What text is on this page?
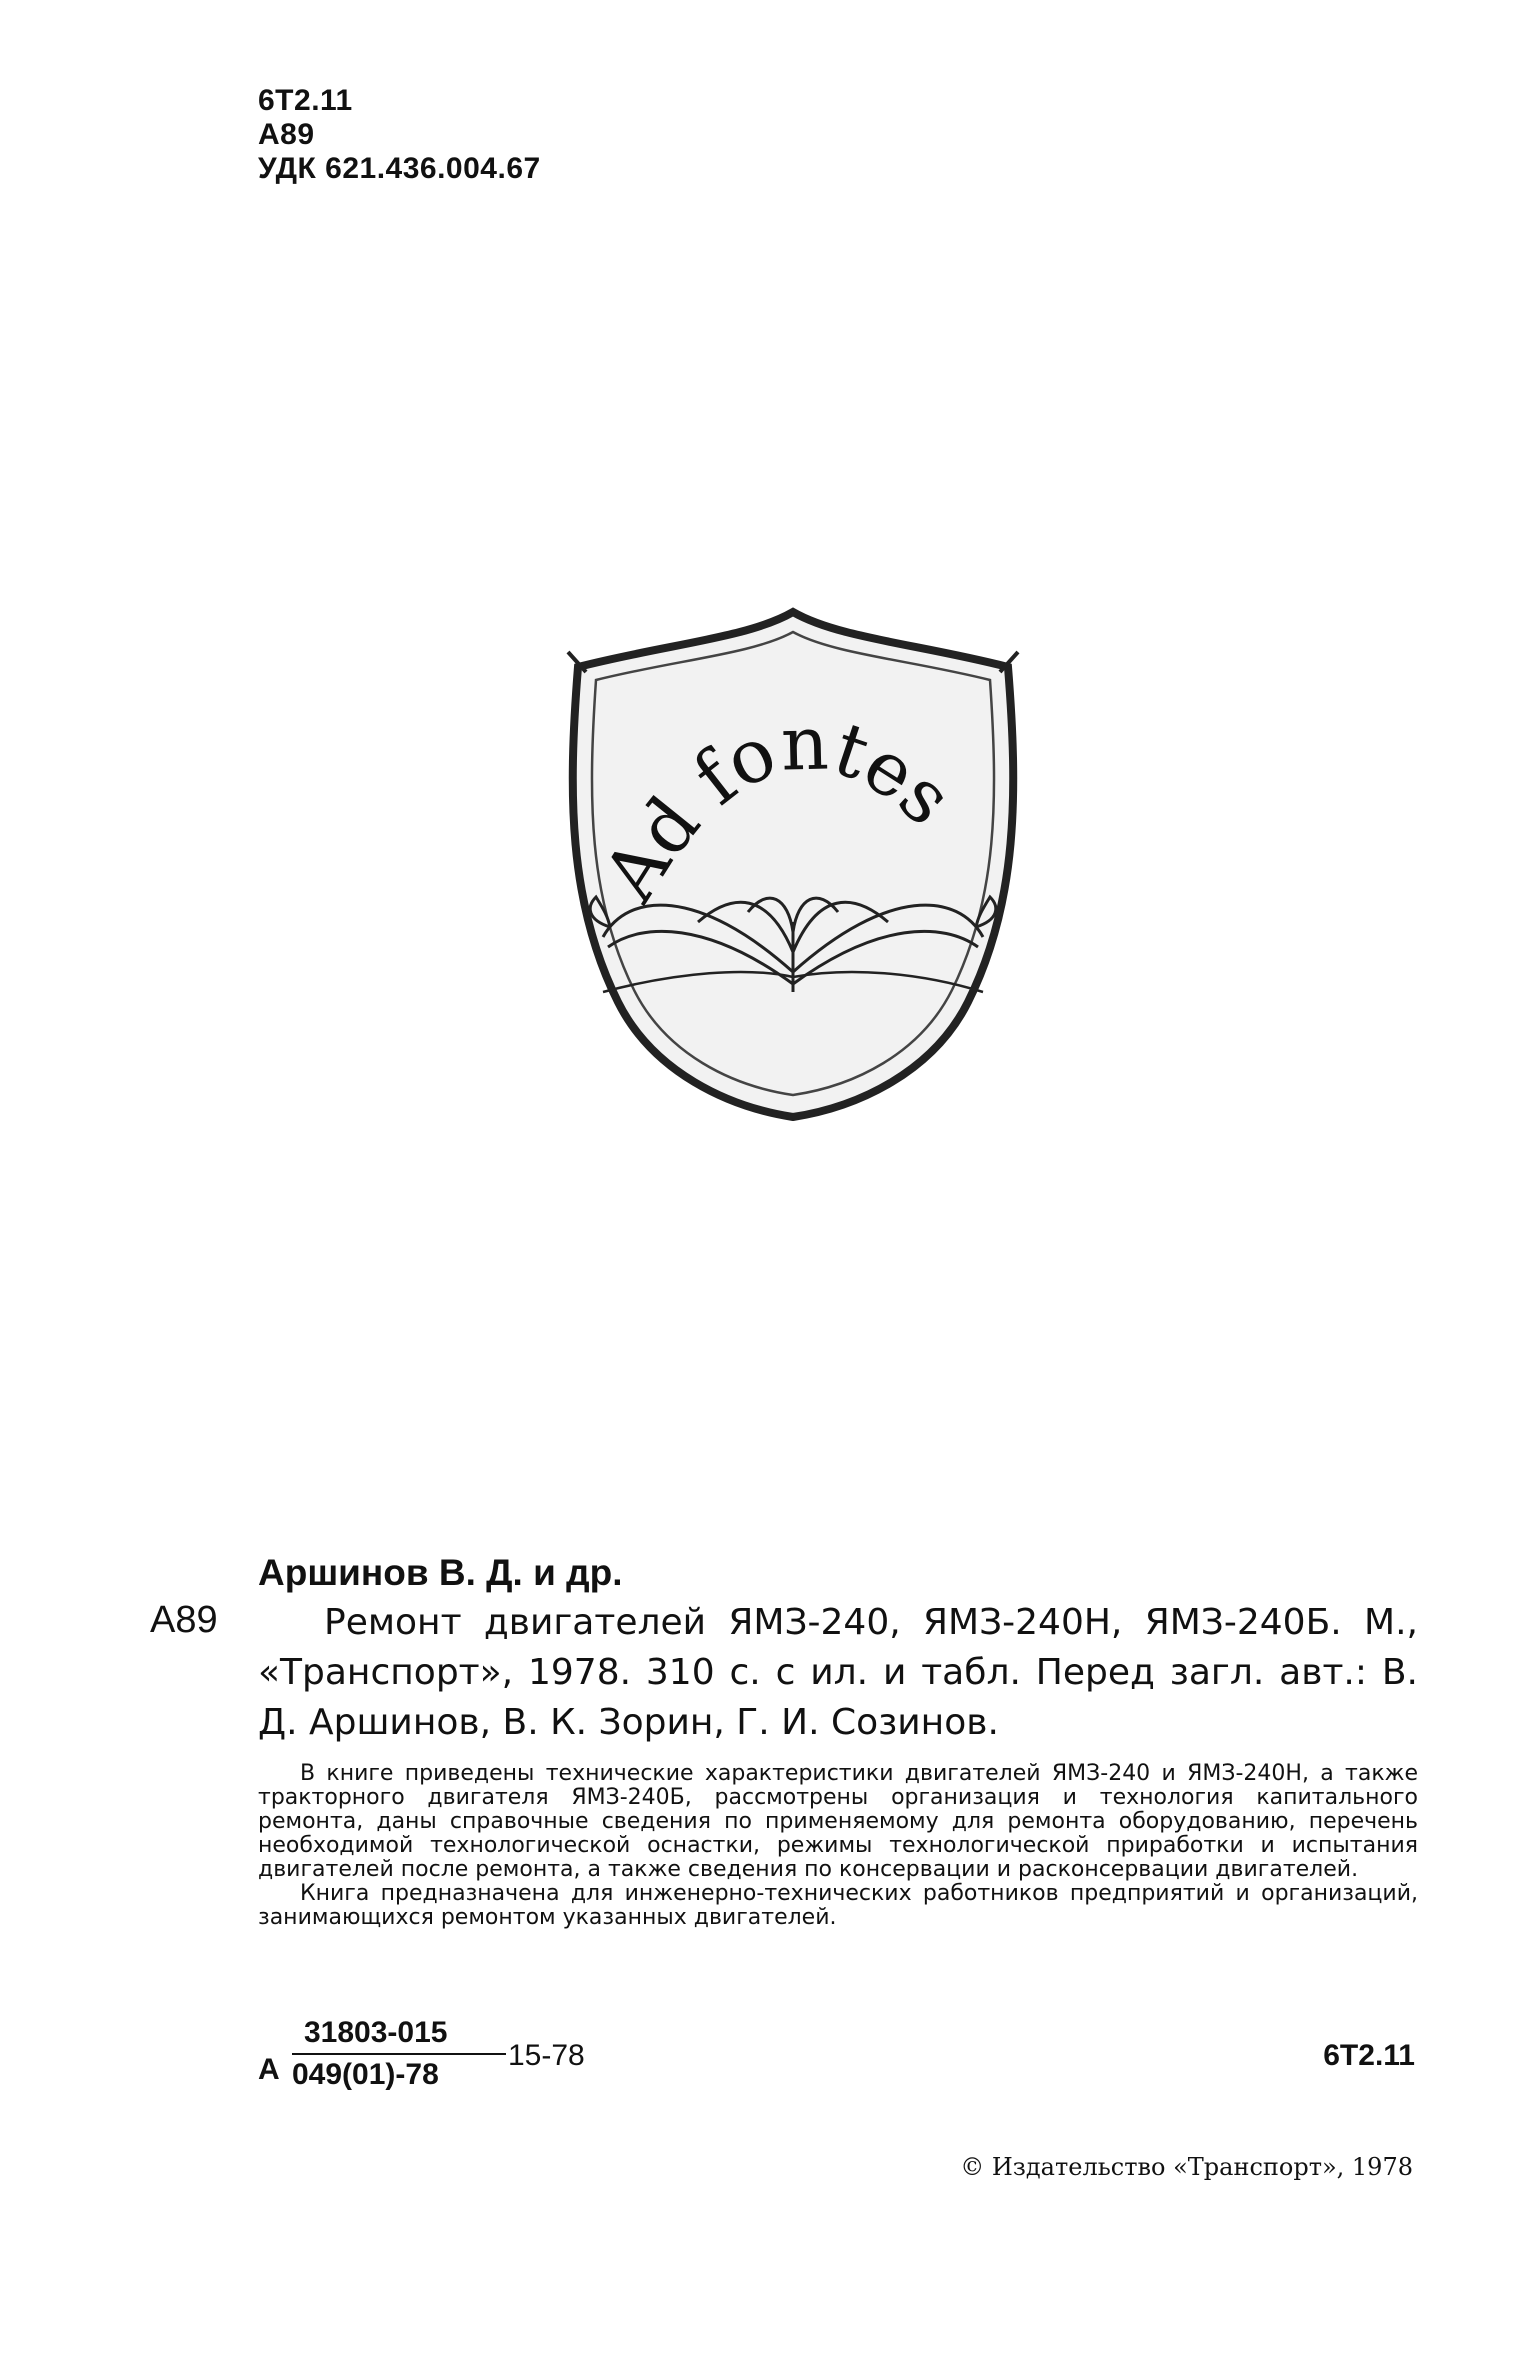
6Т2.11
А89
УДК 621.436.004.67
Ad fontes
А89

Аршинов В. Д. и др.

Ремонт двигателей ЯМЗ-240, ЯМЗ-240Н, ЯМЗ-240Б. М., «Транспорт», 1978. 310 с. с ил. и табл. Перед загл. авт.: В. Д. Аршинов, В. К. Зорин, Г. И. Созинов.

В книге приведены технические характеристики двигателей ЯМЗ-240 и ЯМЗ-240Н, а также тракторного двигателя ЯМЗ-240Б, рассмотрены организация и технология капитального ремонта, даны справочные сведения по применяемому для ремонта оборудованию, перечень необходимой технологической оснастки, режимы технологической приработки и испытания двигателей после ремонта, а также сведения по консервации и расконсервации двигателей.

Книга предназначена для инженерно-технических работников предприятий и организаций, занимающихся ремонтом указанных двигателей.

А
31803-015
049(01)-78
15-78	6Т2.11
© Издательство «Транспорт», 1978
